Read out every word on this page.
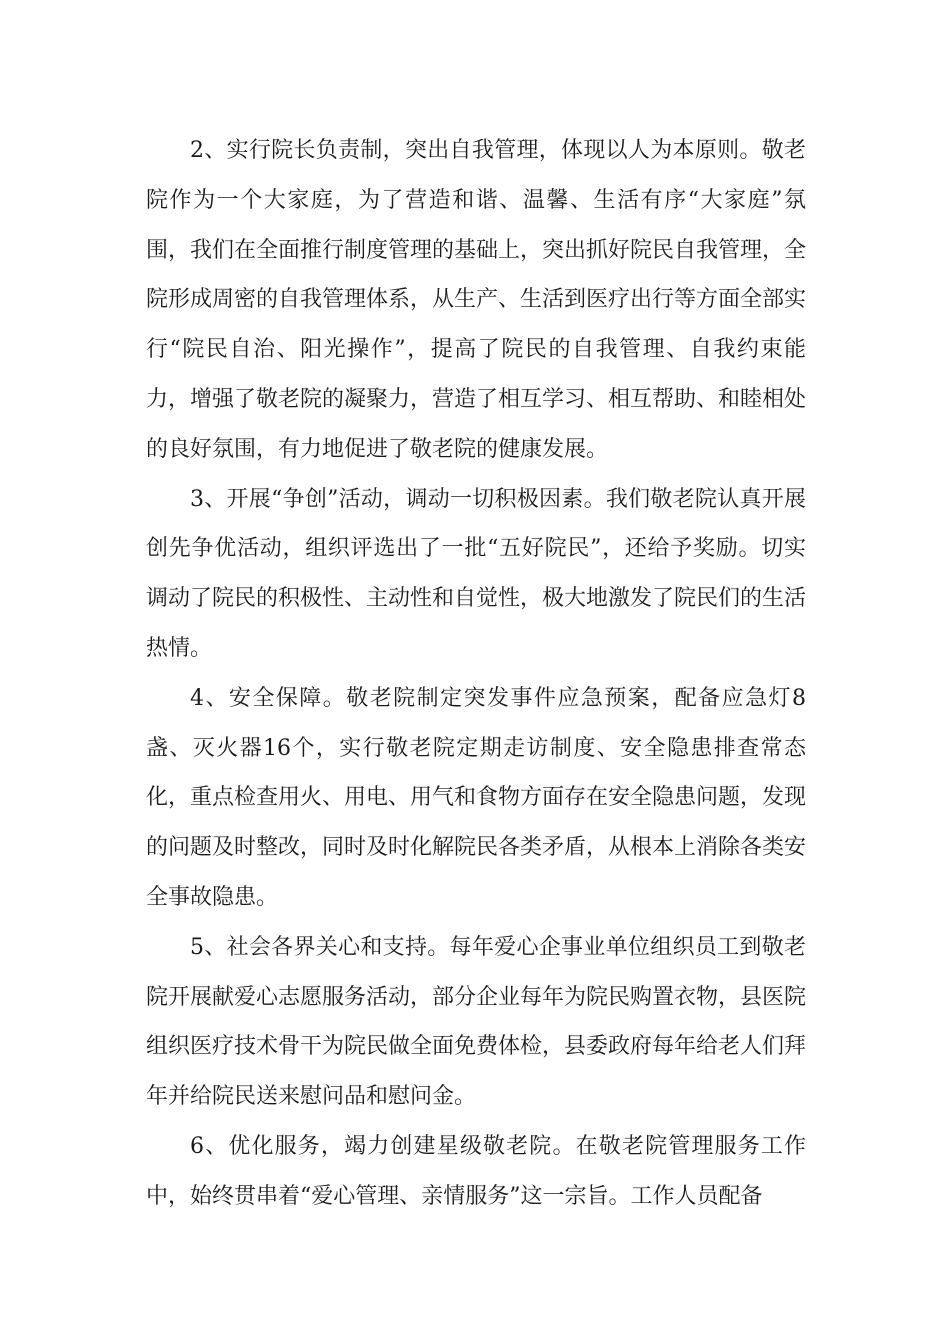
2、实行院长负责制，突出自我管理，体现以人为本原则。敬老院作为一个大家庭，为了营造和谐、温馨、生活有序“大家庭”氛围，我们在全面推行制度管理的基础上，突出抓好院民自我管理，全院形成周密的自我管理体系，从生产、生活到医疗出行等方面全部实行“院民自治、阳光操作”，提高了院民的自我管理、自我约束能力，增强了敬老院的凝聚力，营造了相互学习、相互帮助、和睦相处的良好氛围，有力地促进了敬老院的健康发展。

3、开展“争创”活动，调动一切积极因素。我们敬老院认真开展创先争优活动，组织评选出了一批“五好院民”，还给予奖励。切实调动了院民的积极性、主动性和自觉性，极大地激发了院民们的生活热情。

4、安全保障。敬老院制定突发事件应急预案，配备应急灯8盏、灭火器16个，实行敬老院定期走访制度、安全隐患排查常态化，重点检查用火、用电、用气和食物方面存在安全隐患问题，发现的问题及时整改，同时及时化解院民各类矛盾，从根本上消除各类安全事故隐患。

5、社会各界关心和支持。每年爱心企事业单位组织员工到敬老院开展献爱心志愿服务活动，部分企业每年为院民购置衣物，县医院组织医疗技术骨干为院民做全面免费体检，县委政府每年给老人们拜年并给院民送来慰问品和慰问金。

6、优化服务，竭力创建星级敬老院。在敬老院管理服务工作中，始终贯串着“爱心管理、亲情服务”这一宗旨。工作人员配备
